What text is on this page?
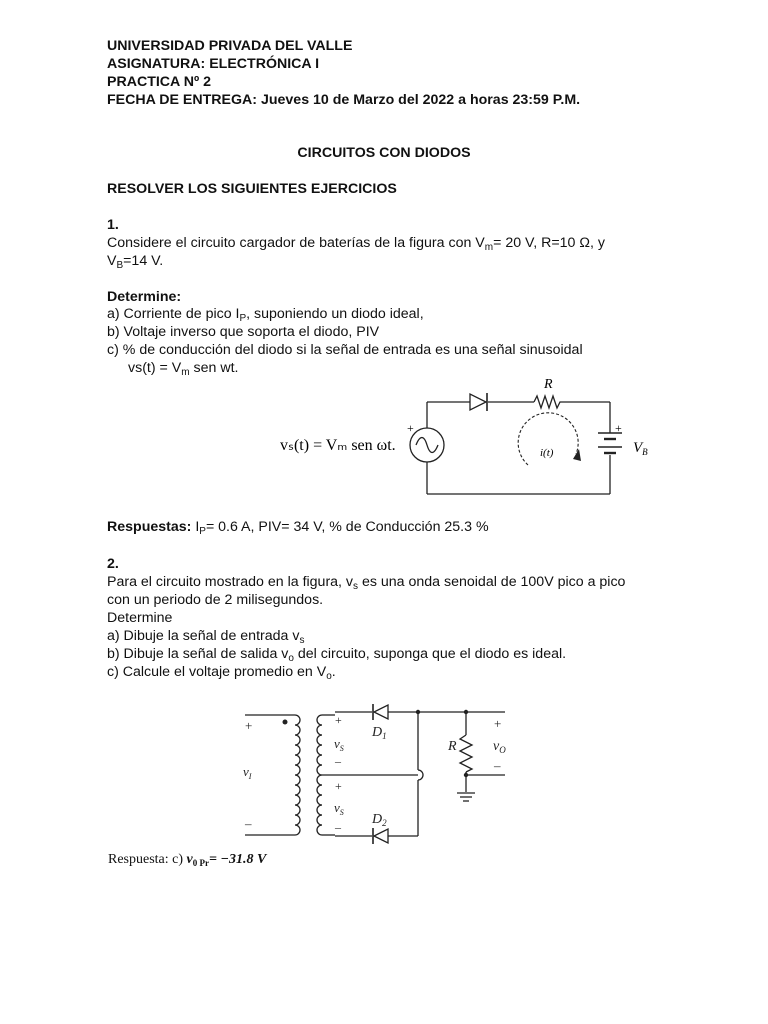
UNIVERSIDAD PRIVADA DEL VALLE
ASIGNATURA: ELECTRÓNICA I
PRACTICA Nº 2
FECHA DE ENTREGA: Jueves 10 de Marzo del 2022 a horas 23:59 P.M.
CIRCUITOS CON DIODOS
RESOLVER LOS SIGUIENTES EJERCICIOS
1.
Considere el circuito cargador de baterías de la figura con $V_m= 20$ V, R=10 Ω, y
$V_B=14$ V.
Determine:
a) Corriente de pico $I_P$, suponiendo un diodo ideal,
b) Voltaje inverso que soporta el diodo, PIV
c) % de conducción del diodo si la señal de entrada es una señal sinusoidal
$vs(t) = V_m$ sen wt.
+
vₛ(t) = Vₘ sen ωt.
R
i(t)
+
$V_B$
Respuestas: $I_P= 0.6$ A, PIV= 34 V, % de Conducción 25.3 %
2.
Para el circuito mostrado en la figura, $v_s$ es una onda senoidal de 100V pico a pico
con un periodo de 2 milisegundos.
Determine
a) Dibuje la señal de entrada $v_s$
b) Dibuje la señal de salida $v_o$ del circuito, suponga que el diodo es ideal.
c) Calcule el voltaje promedio en $V_o$.
+
–
$v_I$
+
–
$v_S$
+
–
$v_S$
$D_1$
$D_2$
R
+
$v_O$
–
Respuesta: c) $v_{0 Pr}= -31.8$ V
